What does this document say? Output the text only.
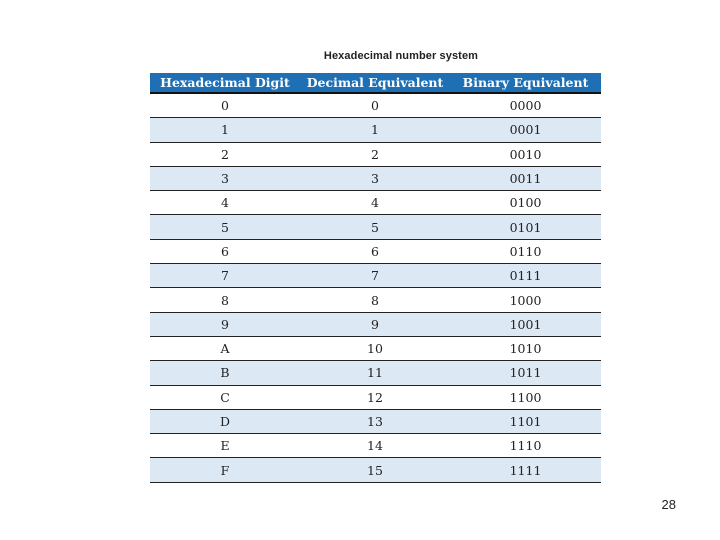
Hexadecimal number system
Hexadecimal Digit	Decimal Equivalent	Binary Equivalent
0	0	0000
1	1	0001
2	2	0010
3	3	0011
4	4	0100
5	5	0101
6	6	0110
7	7	0111
8	8	1000
9	9	1001
A	10	1010
B	11	1011
C	12	1100
D	13	1101
E	14	1110
F	15	1111
28
